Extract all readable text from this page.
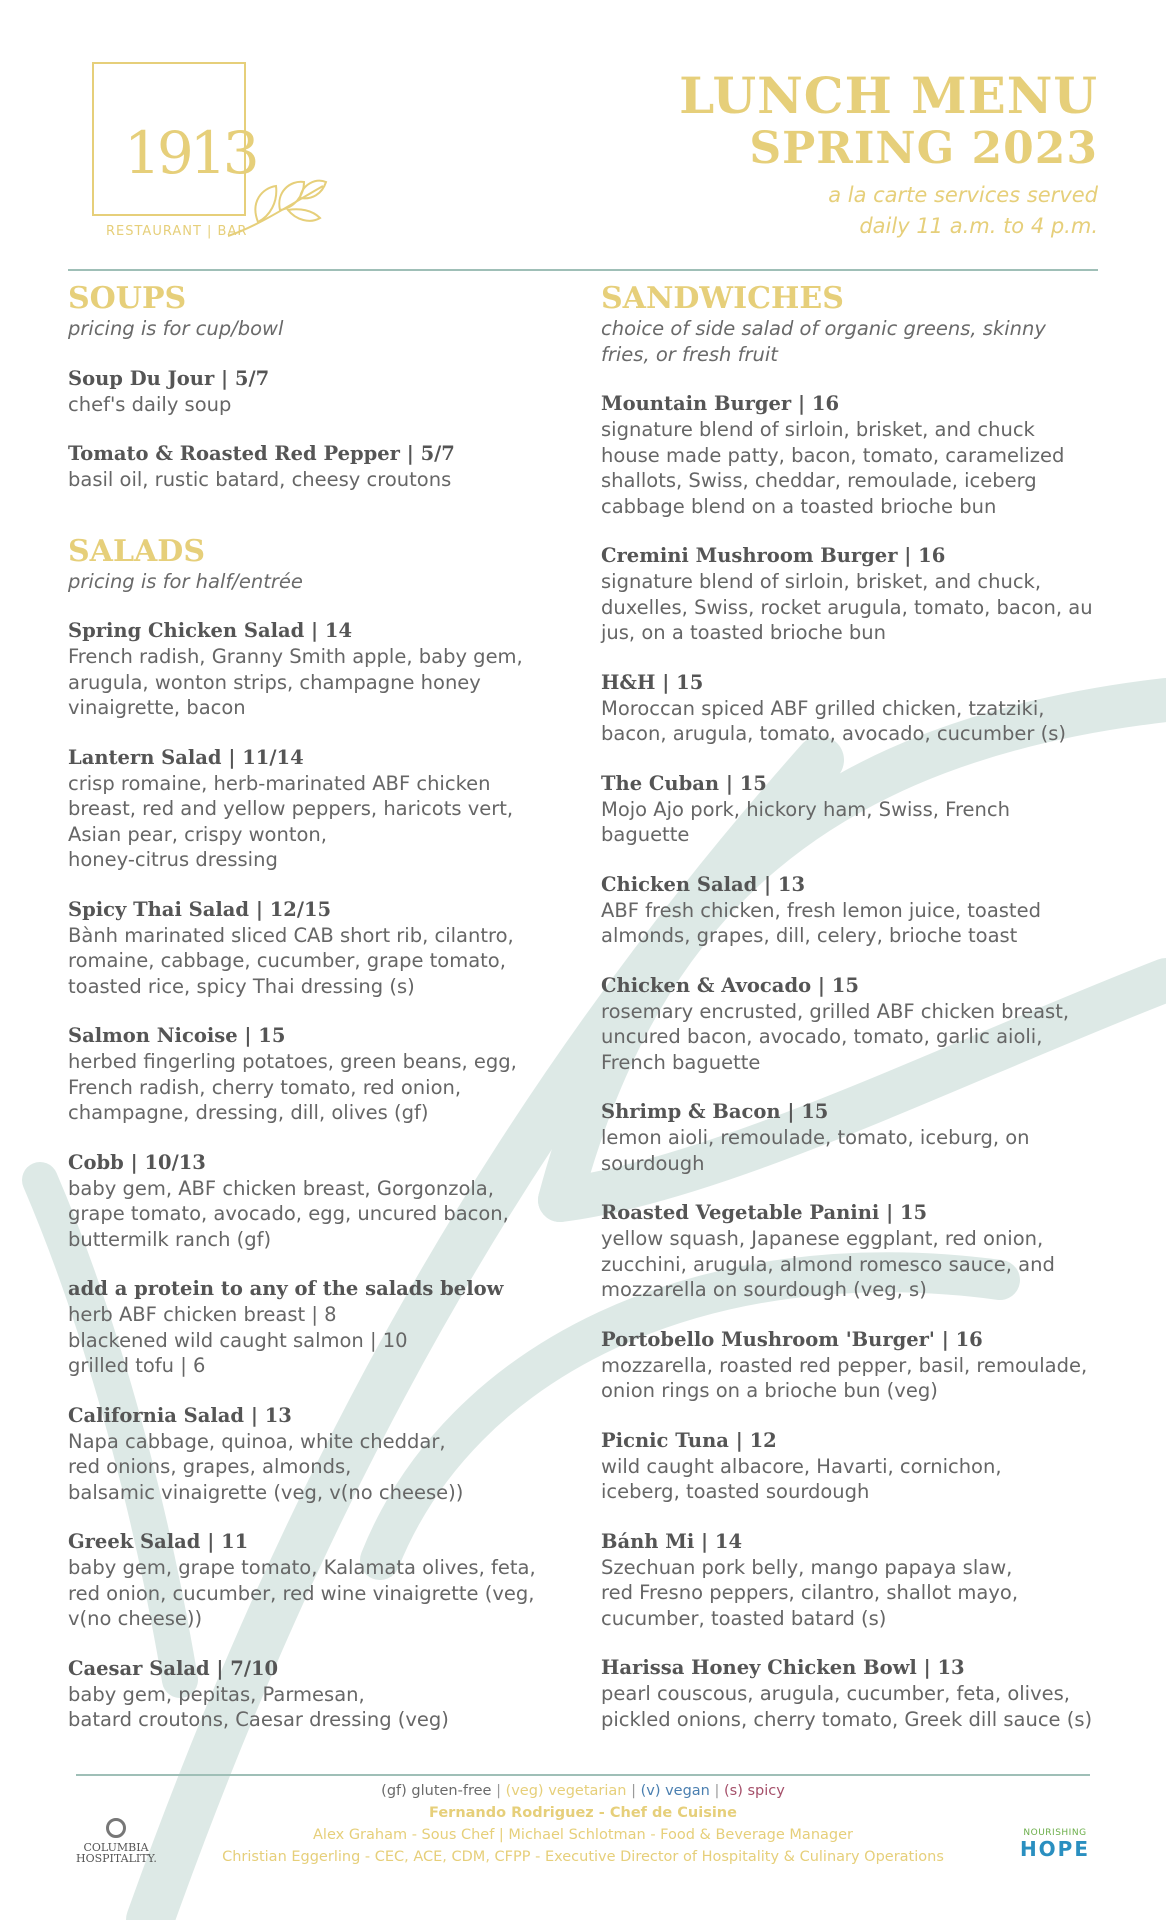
1913
RESTAURANT | BAR
LUNCH MENU
SPRING 2023
a la carte services served
daily 11 a.m. to 4 p.m.
SOUPS
pricing is for cup/bowl
Soup Du Jour | 5/7
chef's daily soup
Tomato & Roasted Red Pepper | 5/7
basil oil, rustic batard, cheesy croutons
SALADS
pricing is for half/entrée
Spring Chicken Salad | 14
French radish, Granny Smith apple, baby gem,
arugula, wonton strips, champagne honey
vinaigrette, bacon
Lantern Salad | 11/14
crisp romaine, herb-marinated ABF chicken
breast, red and yellow peppers, haricots vert,
Asian pear, crispy wonton,
honey-citrus dressing
Spicy Thai Salad | 12/15
Bành marinated sliced CAB short rib, cilantro,
romaine, cabbage, cucumber, grape tomato,
toasted rice, spicy Thai dressing (s)
Salmon Nicoise | 15
herbed fingerling potatoes, green beans, egg,
French radish, cherry tomato, red onion,
champagne, dressing, dill, olives (gf)
Cobb | 10/13
baby gem, ABF chicken breast, Gorgonzola,
grape tomato, avocado, egg, uncured bacon,
buttermilk ranch (gf)
add a protein to any of the salads below
herb ABF chicken breast | 8
blackened wild caught salmon | 10
grilled tofu | 6
California Salad | 13
Napa cabbage, quinoa, white cheddar,
red onions, grapes, almonds,
balsamic vinaigrette (veg, v(no cheese))
Greek Salad | 11
baby gem, grape tomato, Kalamata olives, feta,
red onion, cucumber, red wine vinaigrette (veg,
v(no cheese))
Caesar Salad | 7/10
baby gem, pepitas, Parmesan,
batard croutons, Caesar dressing (veg)
SANDWICHES
choice of side salad of organic greens, skinny
fries, or fresh fruit
Mountain Burger | 16
signature blend of sirloin, brisket, and chuck
house made patty, bacon, tomato, caramelized
shallots, Swiss, cheddar, remoulade, iceberg
cabbage blend on a toasted brioche bun
Cremini Mushroom Burger | 16
signature blend of sirloin, brisket, and chuck,
duxelles, Swiss, rocket arugula, tomato, bacon, au
jus, on a toasted brioche bun
H&H | 15
Moroccan spiced ABF grilled chicken, tzatziki,
bacon, arugula, tomato, avocado, cucumber (s)
The Cuban | 15
Mojo Ajo pork, hickory ham, Swiss, French
baguette
Chicken Salad | 13
ABF fresh chicken, fresh lemon juice, toasted
almonds, grapes, dill, celery, brioche toast
Chicken & Avocado | 15
rosemary encrusted, grilled ABF chicken breast,
uncured bacon, avocado, tomato, garlic aioli,
French baguette
Shrimp & Bacon | 15
lemon aioli, remoulade, tomato, iceburg, on
sourdough
Roasted Vegetable Panini | 15
yellow squash, Japanese eggplant, red onion,
zucchini, arugula, almond romesco sauce, and
mozzarella on sourdough (veg, s)
Portobello Mushroom 'Burger' | 16
mozzarella, roasted red pepper, basil, remoulade,
onion rings on a brioche bun (veg)
Picnic Tuna | 12
wild caught albacore, Havarti, cornichon,
iceberg, toasted sourdough
Bánh Mi | 14
Szechuan pork belly, mango papaya slaw,
red Fresno peppers, cilantro, shallot mayo,
cucumber, toasted batard (s)
Harissa Honey Chicken Bowl | 13
pearl couscous, arugula, cucumber, feta, olives,
pickled onions, cherry tomato, Greek dill sauce (s)
(gf) gluten-free | (veg) vegetarian | (v) vegan | (s) spicy
Fernando Rodriguez - Chef de Cuisine
Alex Graham - Sous Chef | Michael Schlotman - Food & Beverage Manager
Christian Eggerling - CEC, ACE, CDM, CFPP - Executive Director of Hospitality & Culinary Operations
COLUMBIA
HOSPITALITY.
NOURISHING
HOPE
